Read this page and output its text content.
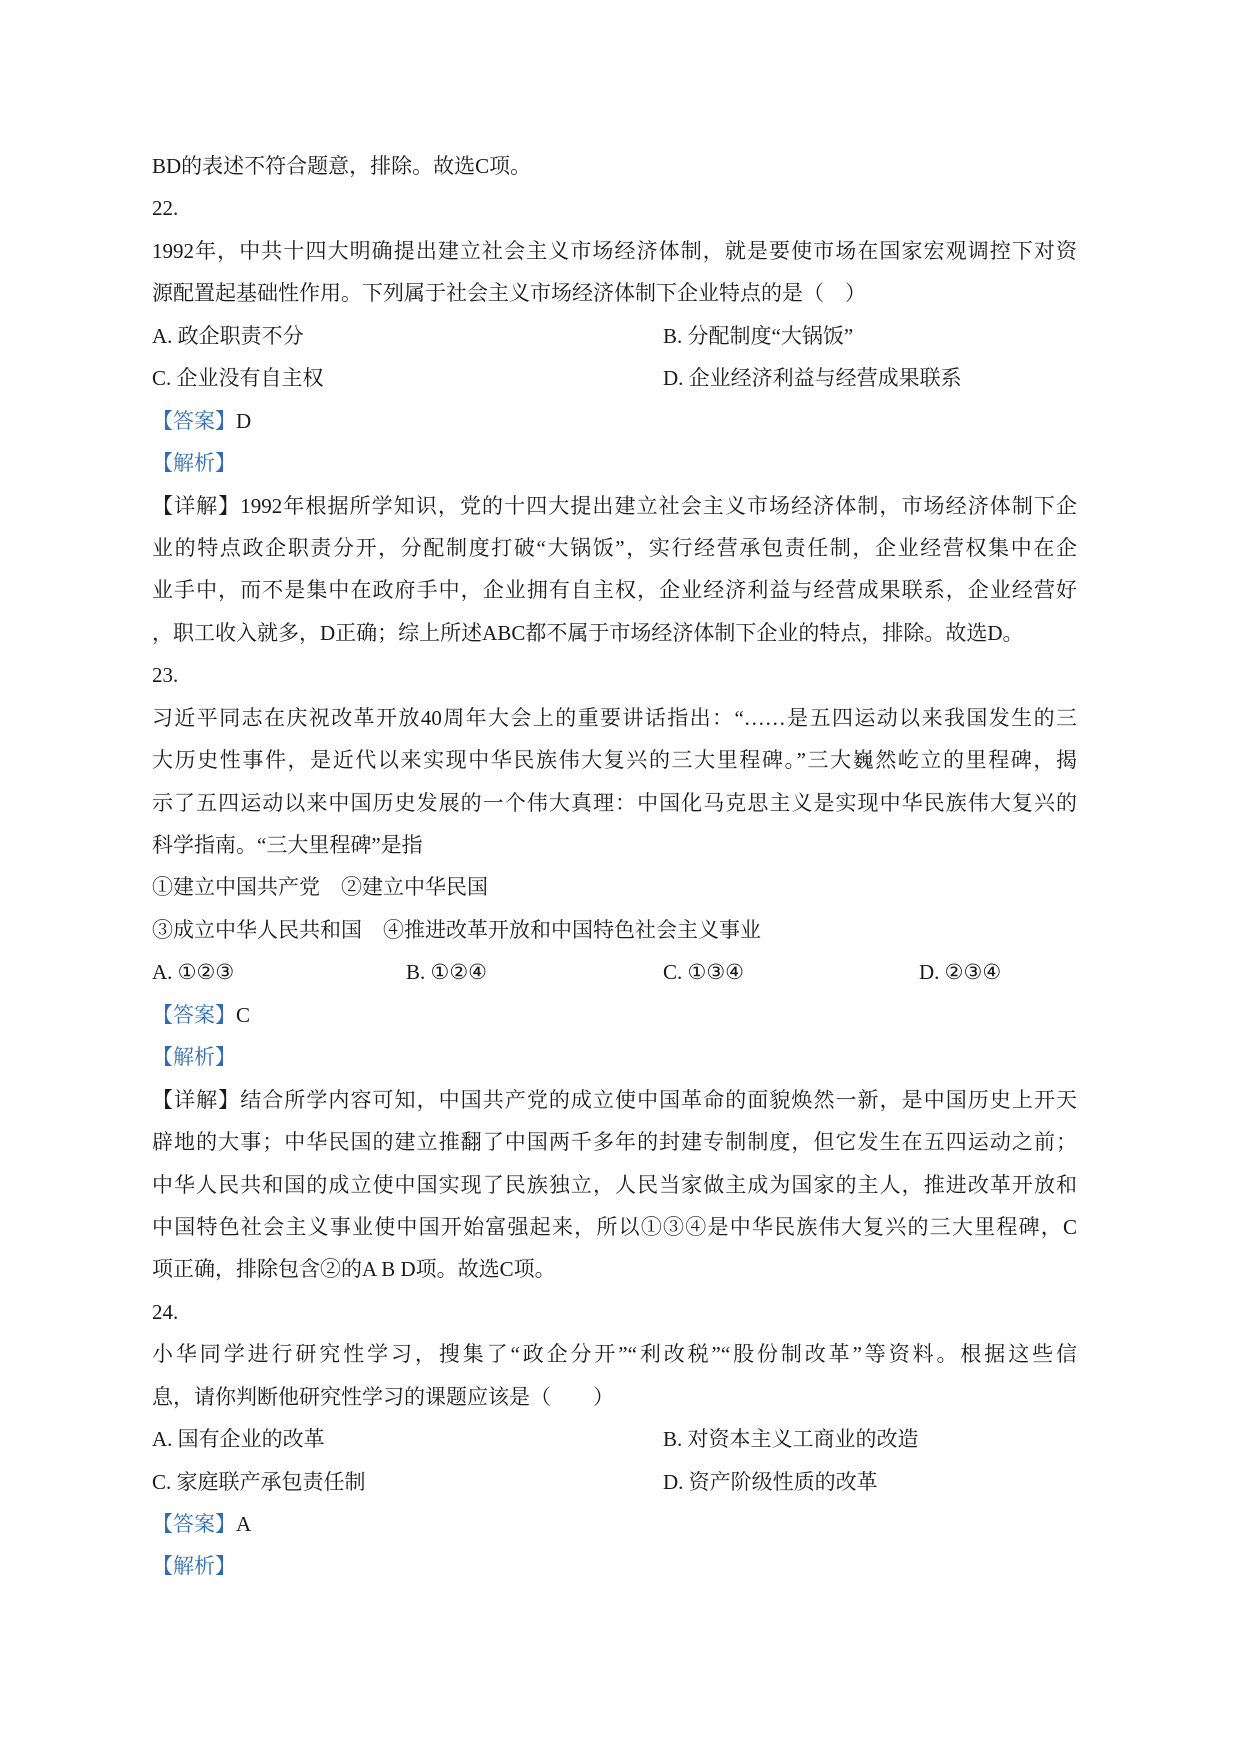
BD的表述不符合题意，排除。故选C项。
22.
1992年，中共十四大明确提出建立社会主义市场经济体制，就是要使市场在国家宏观调控下对资
源配置起基础性作用。下列属于社会主义市场经济体制下企业特点的是（　）
A. 政企职责不分	B. 分配制度“大锅饭”
C. 企业没有自主权	D. 企业经济利益与经营成果联系
【答案】D
【解析】
【详解】1992年根据所学知识，党的十四大提出建立社会主义市场经济体制，市场经济体制下企
业的特点政企职责分开，分配制度打破“大锅饭”，实行经营承包责任制，企业经营权集中在企
业手中，而不是集中在政府手中，企业拥有自主权，企业经济利益与经营成果联系，企业经营好
，职工收入就多，D正确；综上所述ABC都不属于市场经济体制下企业的特点，排除。故选D。
23.
习近平同志在庆祝改革开放40周年大会上的重要讲话指出：“……是五四运动以来我国发生的三
大历史性事件，是近代以来实现中华民族伟大复兴的三大里程碑。”三大巍然屹立的里程碑，揭
示了五四运动以来中国历史发展的一个伟大真理：中国化马克思主义是实现中华民族伟大复兴的
科学指南。“三大里程碑”是指
①建立中国共产党　②建立中华民国
③成立中华人民共和国　④推进改革开放和中国特色社会主义事业
A. ①②③	B. ①②④	C. ①③④	D. ②③④
【答案】C
【解析】
【详解】结合所学内容可知，中国共产党的成立使中国革命的面貌焕然一新，是中国历史上开天
辟地的大事；中华民国的建立推翻了中国两千多年的封建专制制度，但它发生在五四运动之前；
中华人民共和国的成立使中国实现了民族独立，人民当家做主成为国家的主人，推进改革开放和
中国特色社会主义事业使中国开始富强起来，所以①③④是中华民族伟大复兴的三大里程碑，C
项正确，排除包含②的A B D项。故选C项。
24.
小华同学进行研究性学习，搜集了“政企分开”“利改税”“股份制改革”等资料。根据这些信
息，请你判断他研究性学习的课题应该是（　　）
A. 国有企业的改革	B. 对资本主义工商业的改造
C. 家庭联产承包责任制	D. 资产阶级性质的改革
【答案】A
【解析】
